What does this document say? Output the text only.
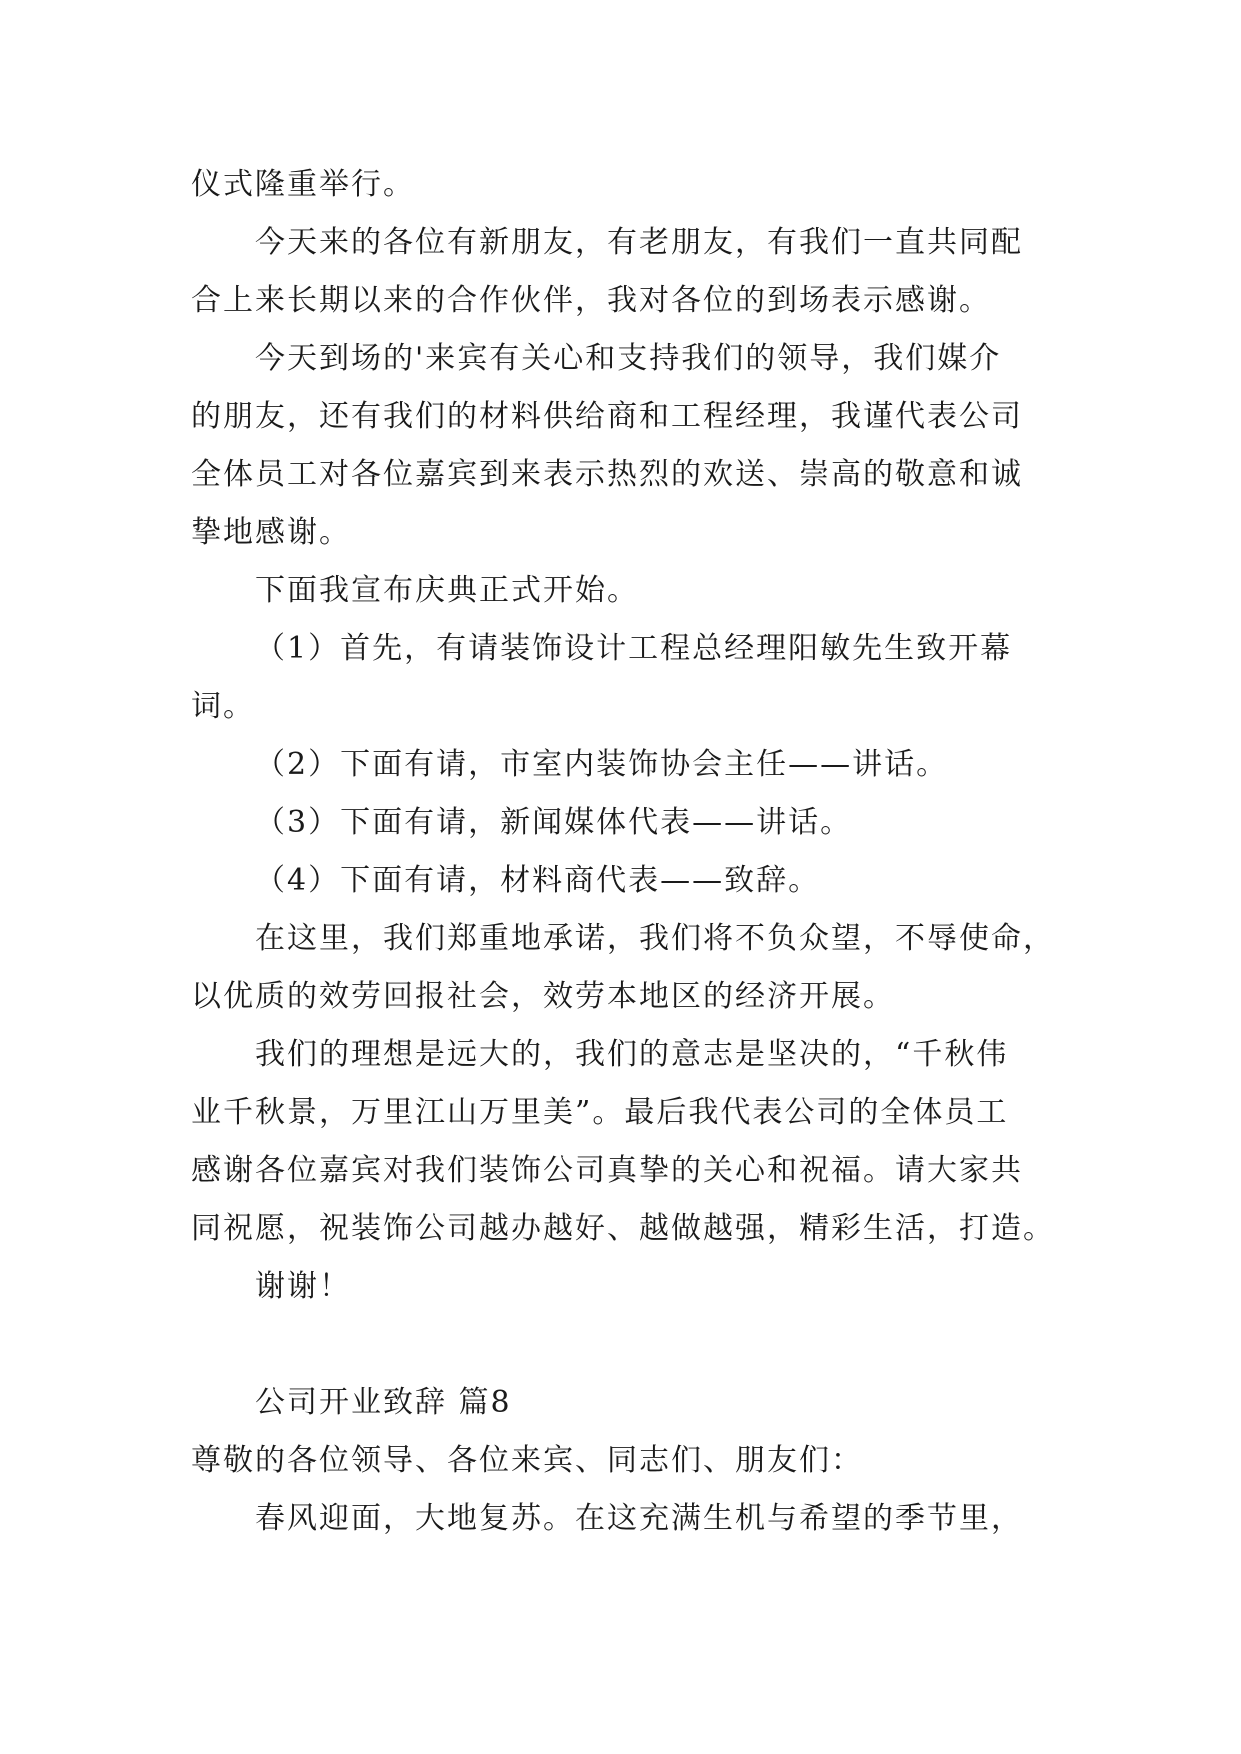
仪式隆重举行。
今天来的各位有新朋友，有老朋友，有我们一直共同配
合上来长期以来的合作伙伴，我对各位的到场表示感谢。
今天到场的'来宾有关心和支持我们的领导，我们媒介
的朋友，还有我们的材料供给商和工程经理，我谨代表公司
全体员工对各位嘉宾到来表示热烈的欢送、崇高的敬意和诚
挚地感谢。
下面我宣布庆典正式开始。
（1）首先，有请装饰设计工程总经理阳敏先生致开幕
词。
（2）下面有请，市室内装饰协会主任——讲话。
（3）下面有请，新闻媒体代表——讲话。
（4）下面有请，材料商代表——致辞。
在这里，我们郑重地承诺，我们将不负众望，不辱使命，
以优质的效劳回报社会，效劳本地区的经济开展。
我们的理想是远大的，我们的意志是坚决的，“千秋伟
业千秋景，万里江山万里美”。最后我代表公司的全体员工
感谢各位嘉宾对我们装饰公司真挚的关心和祝福。请大家共
同祝愿，祝装饰公司越办越好、越做越强，精彩生活，打造。
谢谢！
公司开业致辞 篇8
尊敬的各位领导、各位来宾、同志们、朋友们：
春风迎面，大地复苏。在这充满生机与希望的季节里，
